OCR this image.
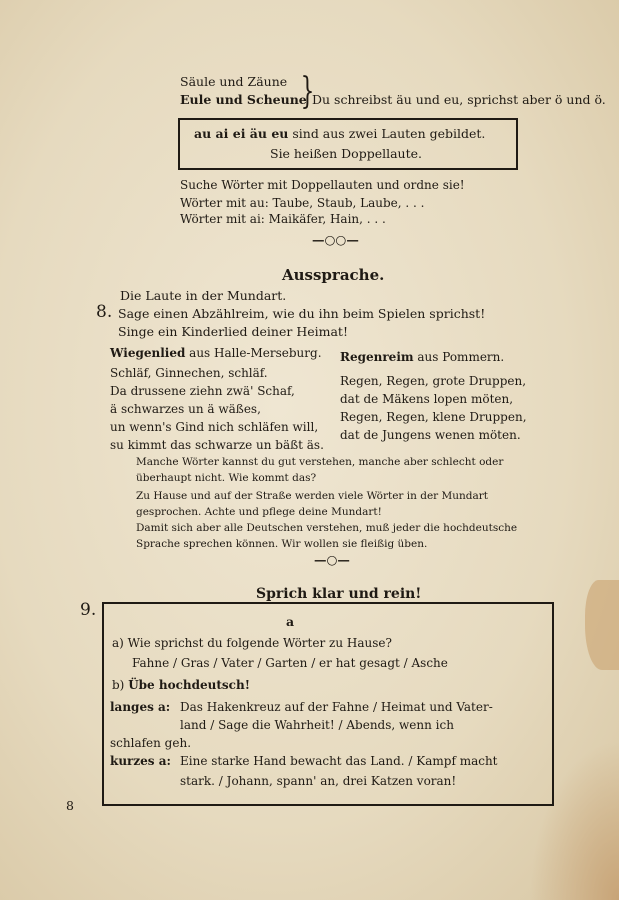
Säule und Zäune
Eule und Scheune
}
Du schreibst äu und eu, sprichst aber ö und ö.
au ai ei äu eu sind aus zwei Lauten gebildet.
Sie heißen Doppellaute.
Suche Wörter mit Doppellauten und ordne sie!
Wörter mit au: Taube, Staub, Laube, . . .
Wörter mit ai: Maikäfer, Hain, . . .
—○○—
Aussprache.
Die Laute in der Mundart.
8. Sage einen Abzählreim, wie du ihn beim Spielen sprichst!
Singe ein Kinderlied deiner Heimat!
Wiegenlied aus Halle-Merseburg.
Schläf, Ginnechen, schläf.
Da drussene ziehn zwä' Schaf,
ä schwarzes un ä wäßes,
un wenn's Gind nich schläfen will,
su kimmt das schwarze un bäßt äs.
Regenreim aus Pommern.
Regen, Regen, grote Druppen,
dat de Mäkens lopen möten,
Regen, Regen, klene Druppen,
dat de Jungens wenen möten.
Manche Wörter kannst du gut verstehen, manche aber schlecht oder
überhaupt nicht. Wie kommt das?
Zu Hause und auf der Straße werden viele Wörter in der Mundart
gesprochen. Achte und pflege deine Mundart!
Damit sich aber alle Deutschen verstehen, muß jeder die hochdeutsche
Sprache sprechen können. Wir wollen sie fleißig üben.
—○—
Sprich klar und rein!
9.
a
a) Wie sprichst du folgende Wörter zu Hause?
Fahne / Gras / Vater / Garten / er hat gesagt / Asche
b) Übe hochdeutsch!
langes a: Das Hakenkreuz auf der Fahne / Heimat und Vater-
land / Sage die Wahrheit! / Abends, wenn ich
schlafen geh.
kurzes a: Eine starke Hand bewacht das Land. / Kampf macht
stark. / Johann, spann' an, drei Katzen voran!
8
